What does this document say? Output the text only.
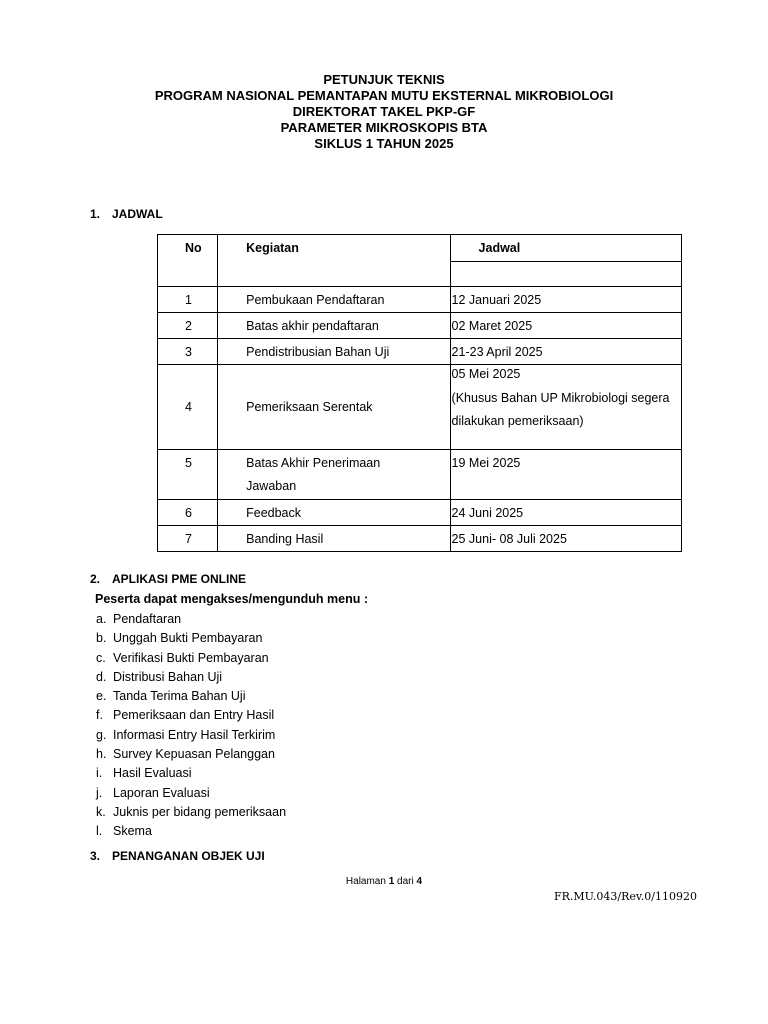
PETUNJUK TEKNIS
PROGRAM NASIONAL PEMANTAPAN MUTU EKSTERNAL MIKROBIOLOGI
DIREKTORAT TAKEL PKP-GF
PARAMETER MIKROSKOPIS BTA
SIKLUS 1 TAHUN 2025
1. JADWAL
No	Kegiatan	Jadwal

1	Pembukaan Pendaftaran	12 Januari 2025
2	Batas akhir pendaftaran	02 Maret 2025
3	Pendistribusian Bahan Uji	21-23 April 2025
4	Pemeriksaan Serentak	05 Mei 2025
(Khusus Bahan UP Mikrobiologi segera
dilakukan pemeriksaan)

5	Batas Akhir Penerimaan
Jawaban	19 Mei 2025
6	Feedback	24 Juni 2025
7	Banding Hasil	25 Juni- 08 Juli 2025
2. APLIKASI PME ONLINE
Peserta dapat mengakses/mengunduh menu :
a. Pendaftaran
b. Unggah Bukti Pembayaran
c. Verifikasi Bukti Pembayaran
d. Distribusi Bahan Uji
e. Tanda Terima Bahan Uji
f. Pemeriksaan dan Entry Hasil
g. Informasi Entry Hasil Terkirim
h. Survey Kepuasan Pelanggan
i. Hasil Evaluasi
j. Laporan Evaluasi
k. Juknis per bidang pemeriksaan
l. Skema
3. PENANGANAN OBJEK UJI
Halaman 1 dari 4
FR.MU.043/Rev.0/110920
